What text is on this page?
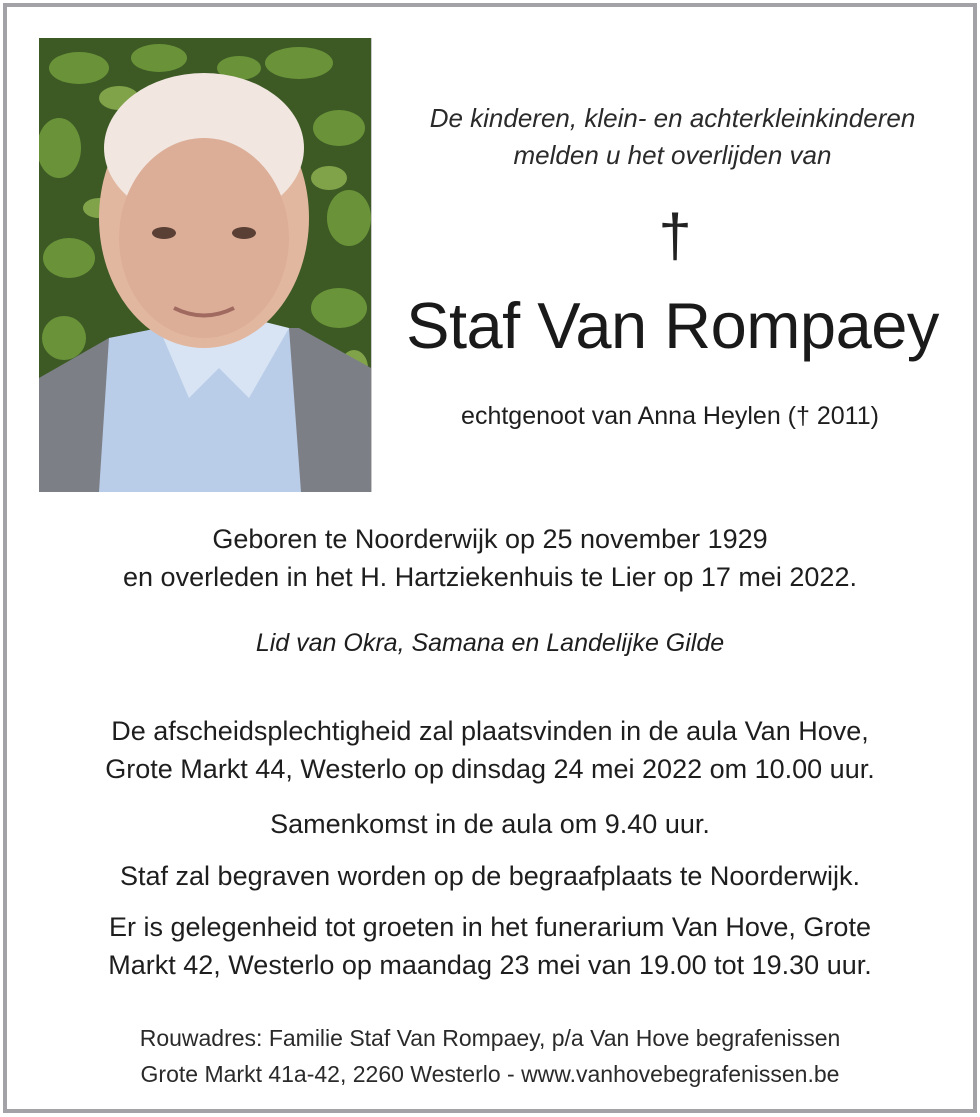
De kinderen, klein- en achterkleinkinderen
melden u het overlijden van
†
Staf Van Rompaey
echtgenoot van Anna Heylen († 2011)
Geboren te Noorderwijk op 25 november 1929
en overleden in het H. Hartziekenhuis te Lier op 17 mei 2022.
Lid van Okra, Samana en Landelijke Gilde
De afscheidsplechtigheid zal plaatsvinden in de aula Van Hove,
Grote Markt 44, Westerlo op dinsdag 24 mei 2022 om 10.00 uur.
Samenkomst in de aula om 9.40 uur.
Staf zal begraven worden op de begraafplaats te Noorderwijk.
Er is gelegenheid tot groeten in het funerarium Van Hove, Grote
Markt 42, Westerlo op maandag 23 mei van 19.00 tot 19.30 uur.
Rouwadres: Familie Staf Van Rompaey, p/a Van Hove begrafenissen
Grote Markt 41a-42, 2260 Westerlo - www.vanhovebegrafenissen.be
